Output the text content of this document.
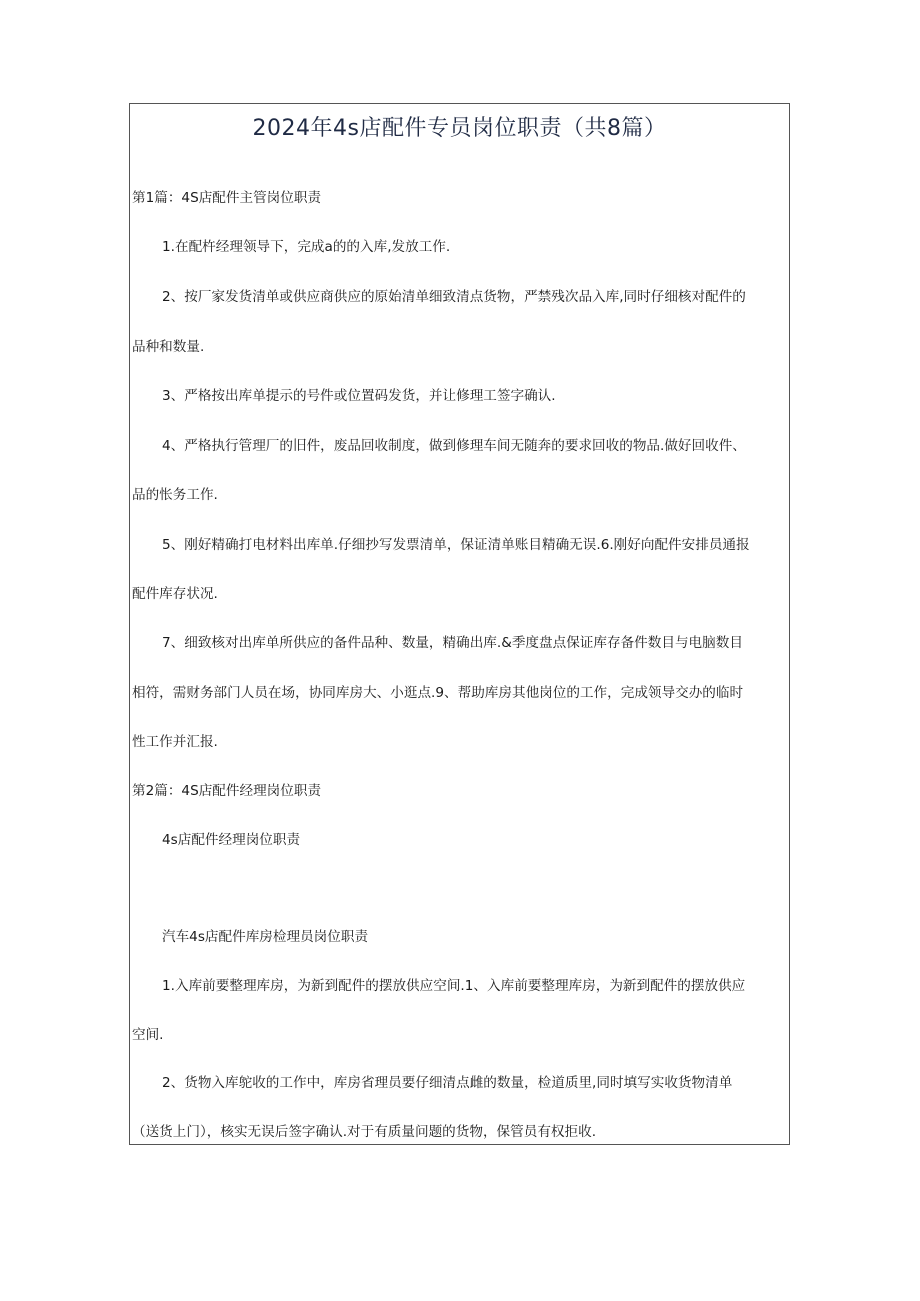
2024年4s店配件专员岗位职责（共8篇）
第1篇：4S店配件主管岗位职责
1.在配杵经理领导下，完成a的的入库,发放工作.
2、按厂家发货清单或供应商供应的原始清单细致清点货物，严禁残次品入库,同时仔细核对配件的
品种和数量.
3、严格按出库单提示的号件或位置码发货，并让修理工签字确认.
4、严格执行管理厂的旧件，废品回收制度，做到修理车间无随奔的要求回收的物品.做好回收件、
品的怅务工作.
5、刚好精确打电材料出库单.仔细抄写发票清单，保证清单账目精确无误.6.刚好向配件安排员通报
配件库存状况.
7、细致核对出库单所供应的备件品种、数量，精确出库.&季度盘点保证库存备件数目与电脑数目
相符，需财务部门人员在场，协同库房大、小逛点.9、帮助库房其他岗位的工作，完成领导交办的临时
性工作并汇报.
第2篇：4S店配件经理岗位职责
4s店配件经理岗位职责
汽车4s店配件库房检理员岗位职责
1.入库前要整理库房，为新到配件的摆放供应空间.1、入库前要整理库房，为新到配件的摆放供应
空间.
2、货物入库鸵收的工作中，库房省理员要仔细清点雌的数量，检道质里,同时填写实收货物清单
（送货上门），核实无误后签字确认.对于有质量问题的货物，保管员有权拒收.
